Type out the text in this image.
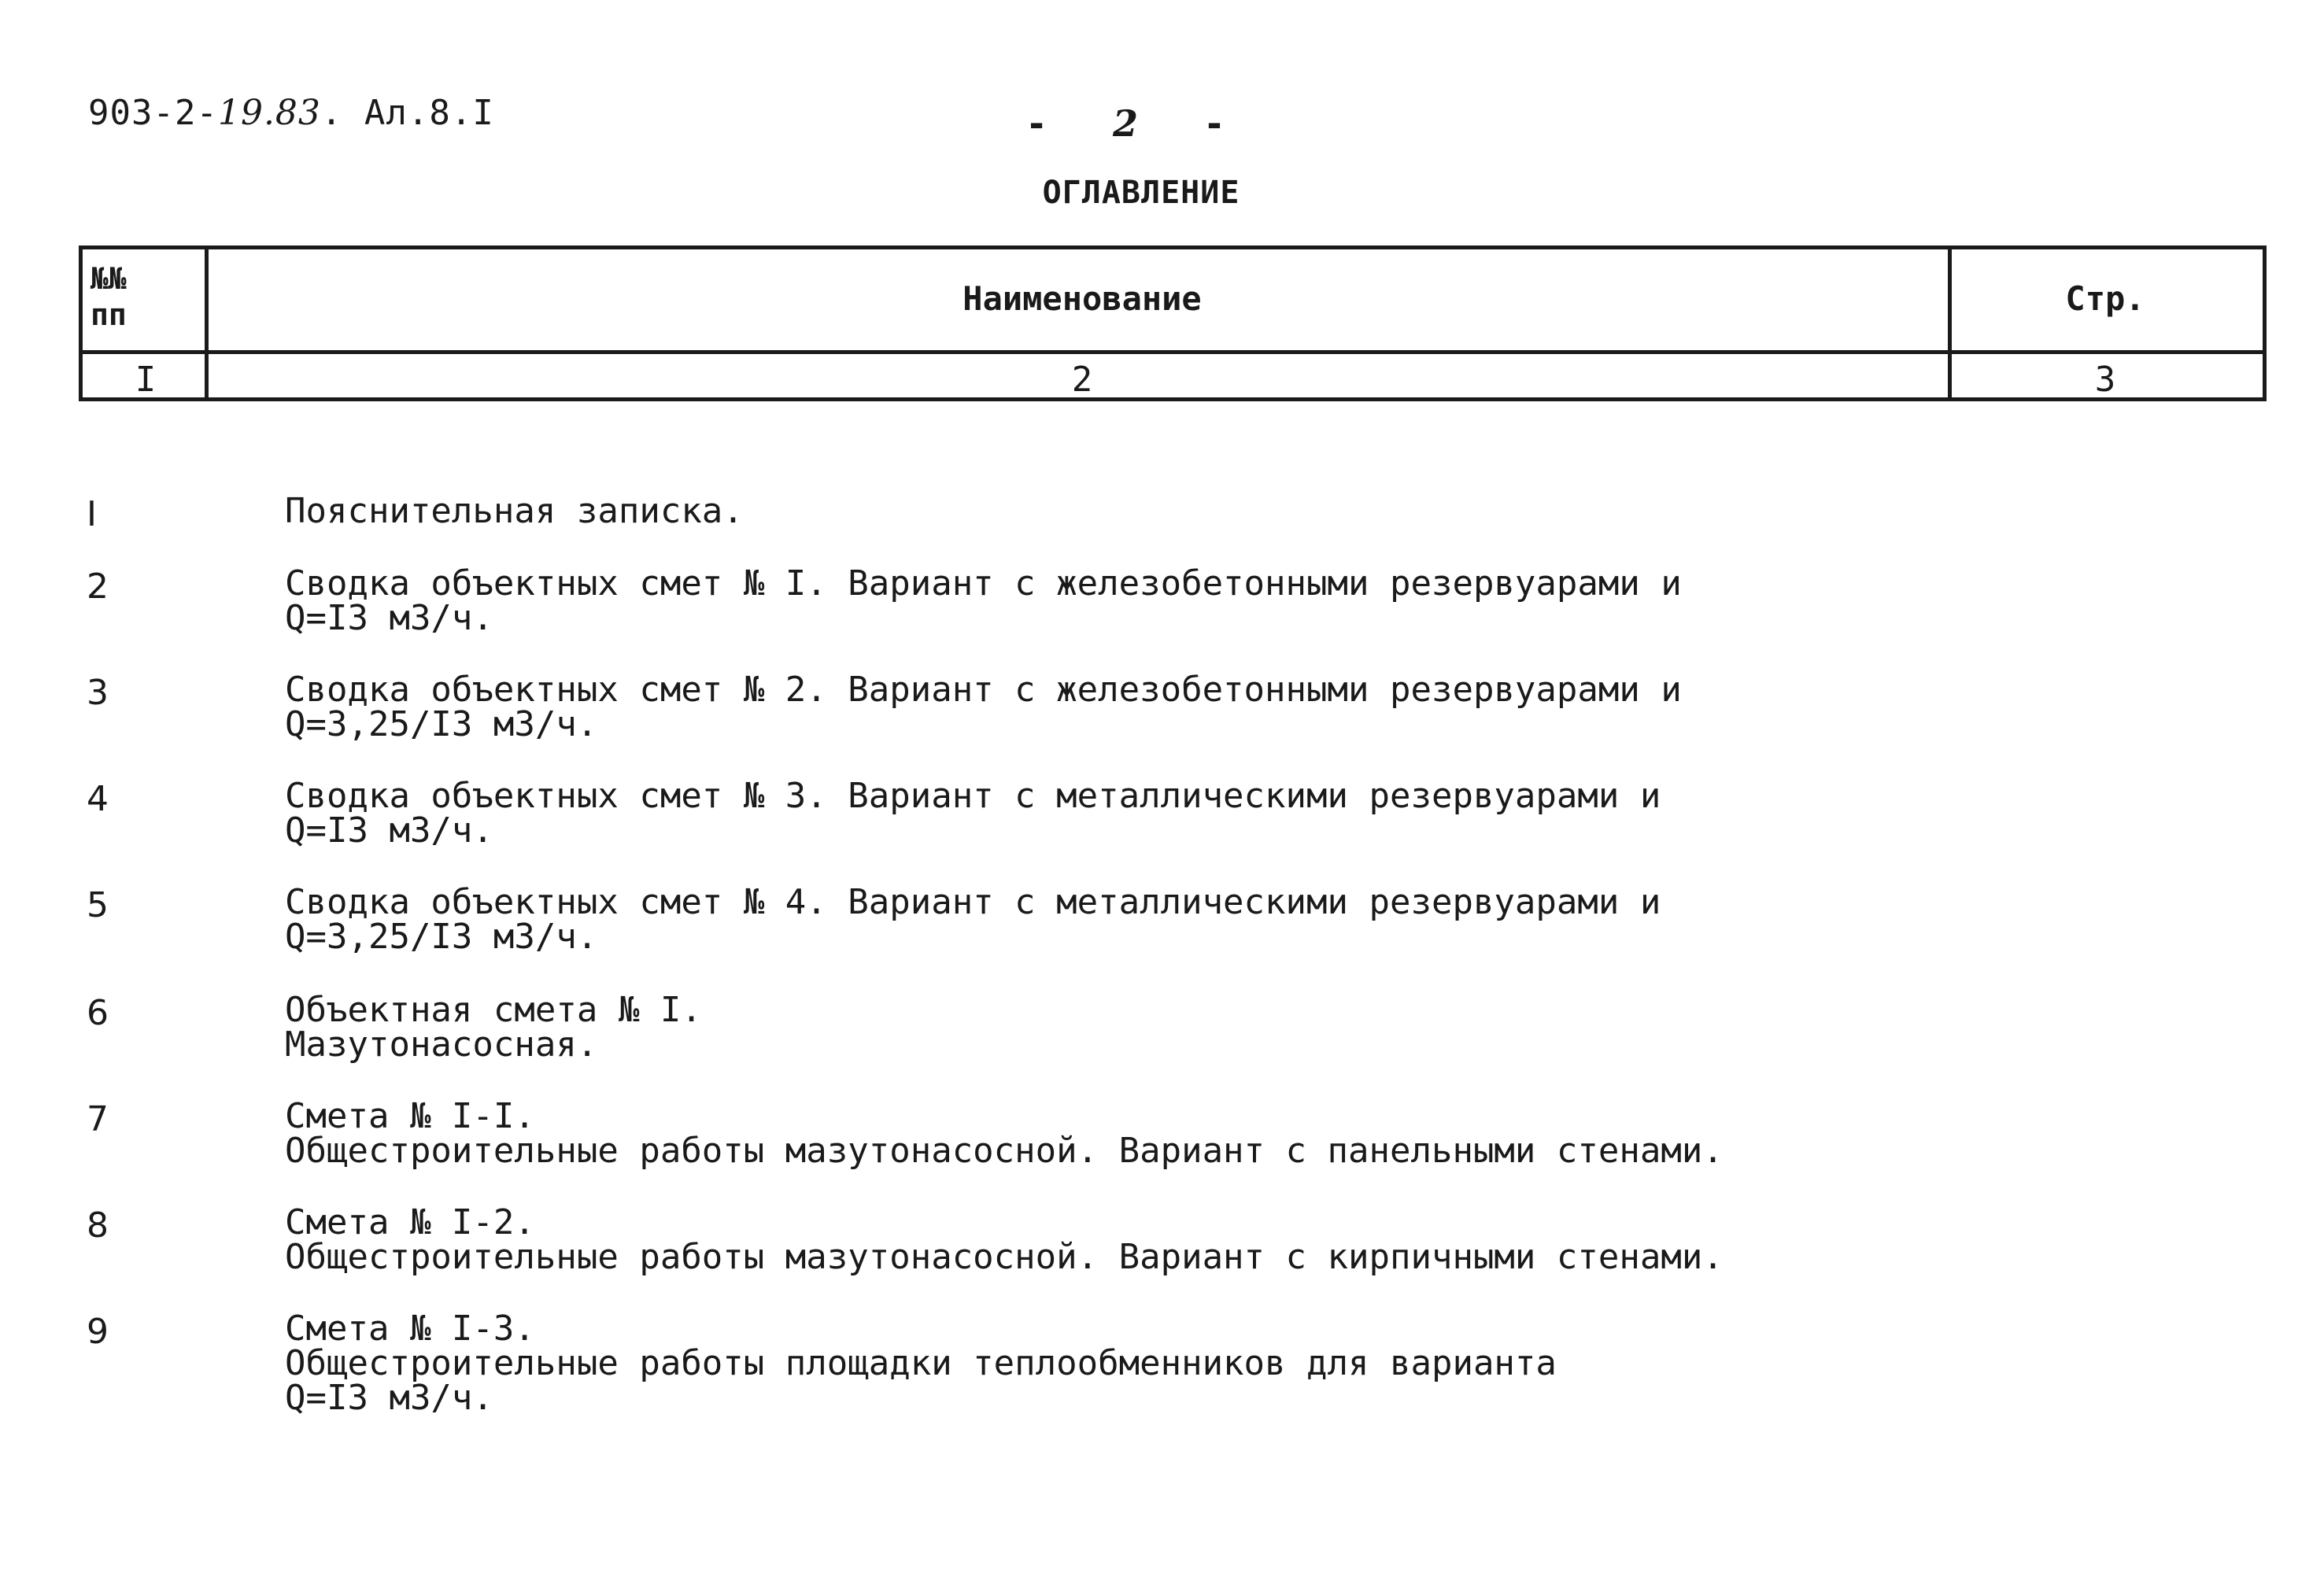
903-2-19.83. Ал.8.I	- 2 -
ОГЛАВЛЕНИЕ
№№
пп	Наименование	Стр.
I	2	3
I	Пояснительная записка.
2	Сводка объектных смет № I. Вариант с железобетонными резервуарами и
Q=I3 м3/ч.
3	Сводка объектных смет № 2. Вариант с железобетонными резервуарами и
Q=3,25/I3 м3/ч.
4	Сводка объектных смет № 3. Вариант с металлическими резервуарами и
Q=I3 м3/ч.
5	Сводка объектных смет № 4. Вариант с металлическими резервуарами и
Q=3,25/I3 м3/ч.
6	Объектная смета № I.
Мазутонасосная.
7	Смета № I-I.
Общестроительные работы мазутонасосной. Вариант с панельными стенами.
8	Смета № I-2.
Общестроительные работы мазутонасосной. Вариант с кирпичными стенами.
9	Смета № I-3.
Общестроительные работы площадки теплообменников для варианта
Q=I3 м3/ч.
